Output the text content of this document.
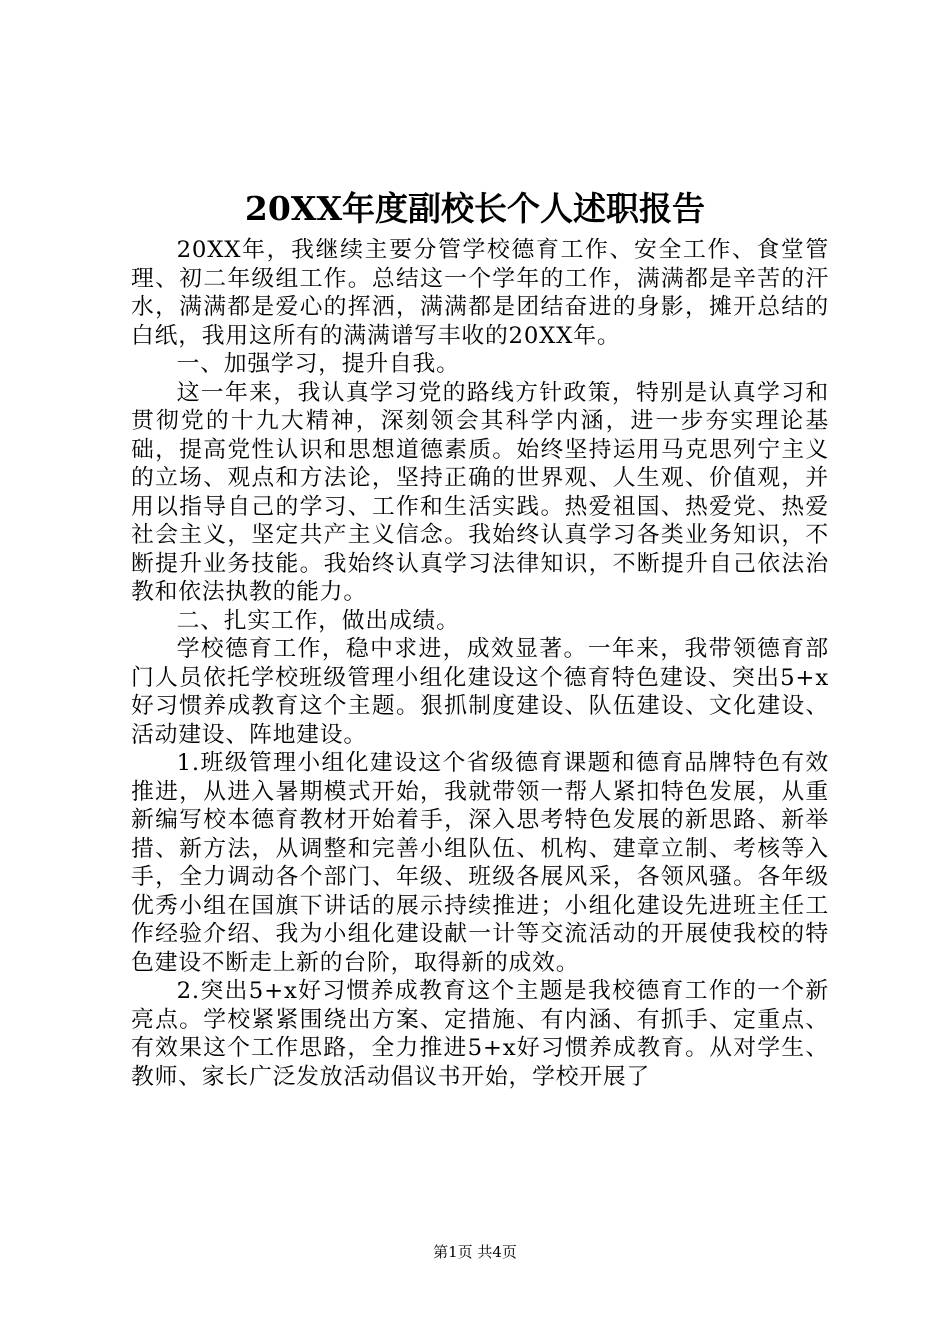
20XX年度副校长个人述职报告

20XX年，我继续主要分管学校德育工作、安全工作、食堂管理、初二年级组工作。总结这一个学年的工作，满满都是辛苦的汗水，满满都是爱心的挥洒，满满都是团结奋进的身影，摊开总结的白纸，我用这所有的满满谱写丰收的20XX年。

一、加强学习，提升自我。

这一年来，我认真学习党的路线方针政策，特别是认真学习和贯彻党的十九大精神，深刻领会其科学内涵，进一步夯实理论基础，提高党性认识和思想道德素质。始终坚持运用马克思列宁主义的立场、观点和方法论，坚持正确的世界观、人生观、价值观，并用以指导自己的学习、工作和生活实践。热爱祖国、热爱党、热爱社会主义，坚定共产主义信念。我始终认真学习各类业务知识，不断提升业务技能。我始终认真学习法律知识，不断提升自己依法治教和依法执教的能力。

二、扎实工作，做出成绩。

学校德育工作，稳中求进，成效显著。一年来，我带领德育部门人员依托学校班级管理小组化建设这个德育特色建设、突出5+x好习惯养成教育这个主题。狠抓制度建设、队伍建设、文化建设、活动建设、阵地建设。

1.班级管理小组化建设这个省级德育课题和德育品牌特色有效推进，从进入暑期模式开始，我就带领一帮人紧扣特色发展，从重新编写校本德育教材开始着手，深入思考特色发展的新思路、新举措、新方法，从调整和完善小组队伍、机构、建章立制、考核等入手，全力调动各个部门、年级、班级各展风采，各领风骚。各年级优秀小组在国旗下讲话的展示持续推进；小组化建设先进班主任工作经验介绍、我为小组化建设献一计等交流活动的开展使我校的特色建设不断走上新的台阶，取得新的成效。

2.突出5+x好习惯养成教育这个主题是我校德育工作的一个新亮点。学校紧紧围绕出方案、定措施、有内涵、有抓手、定重点、有效果这个工作思路，全力推进5+x好习惯养成教育。从对学生、教师、家长广泛发放活动倡议书开始，学校开展了

第1页 共4页
